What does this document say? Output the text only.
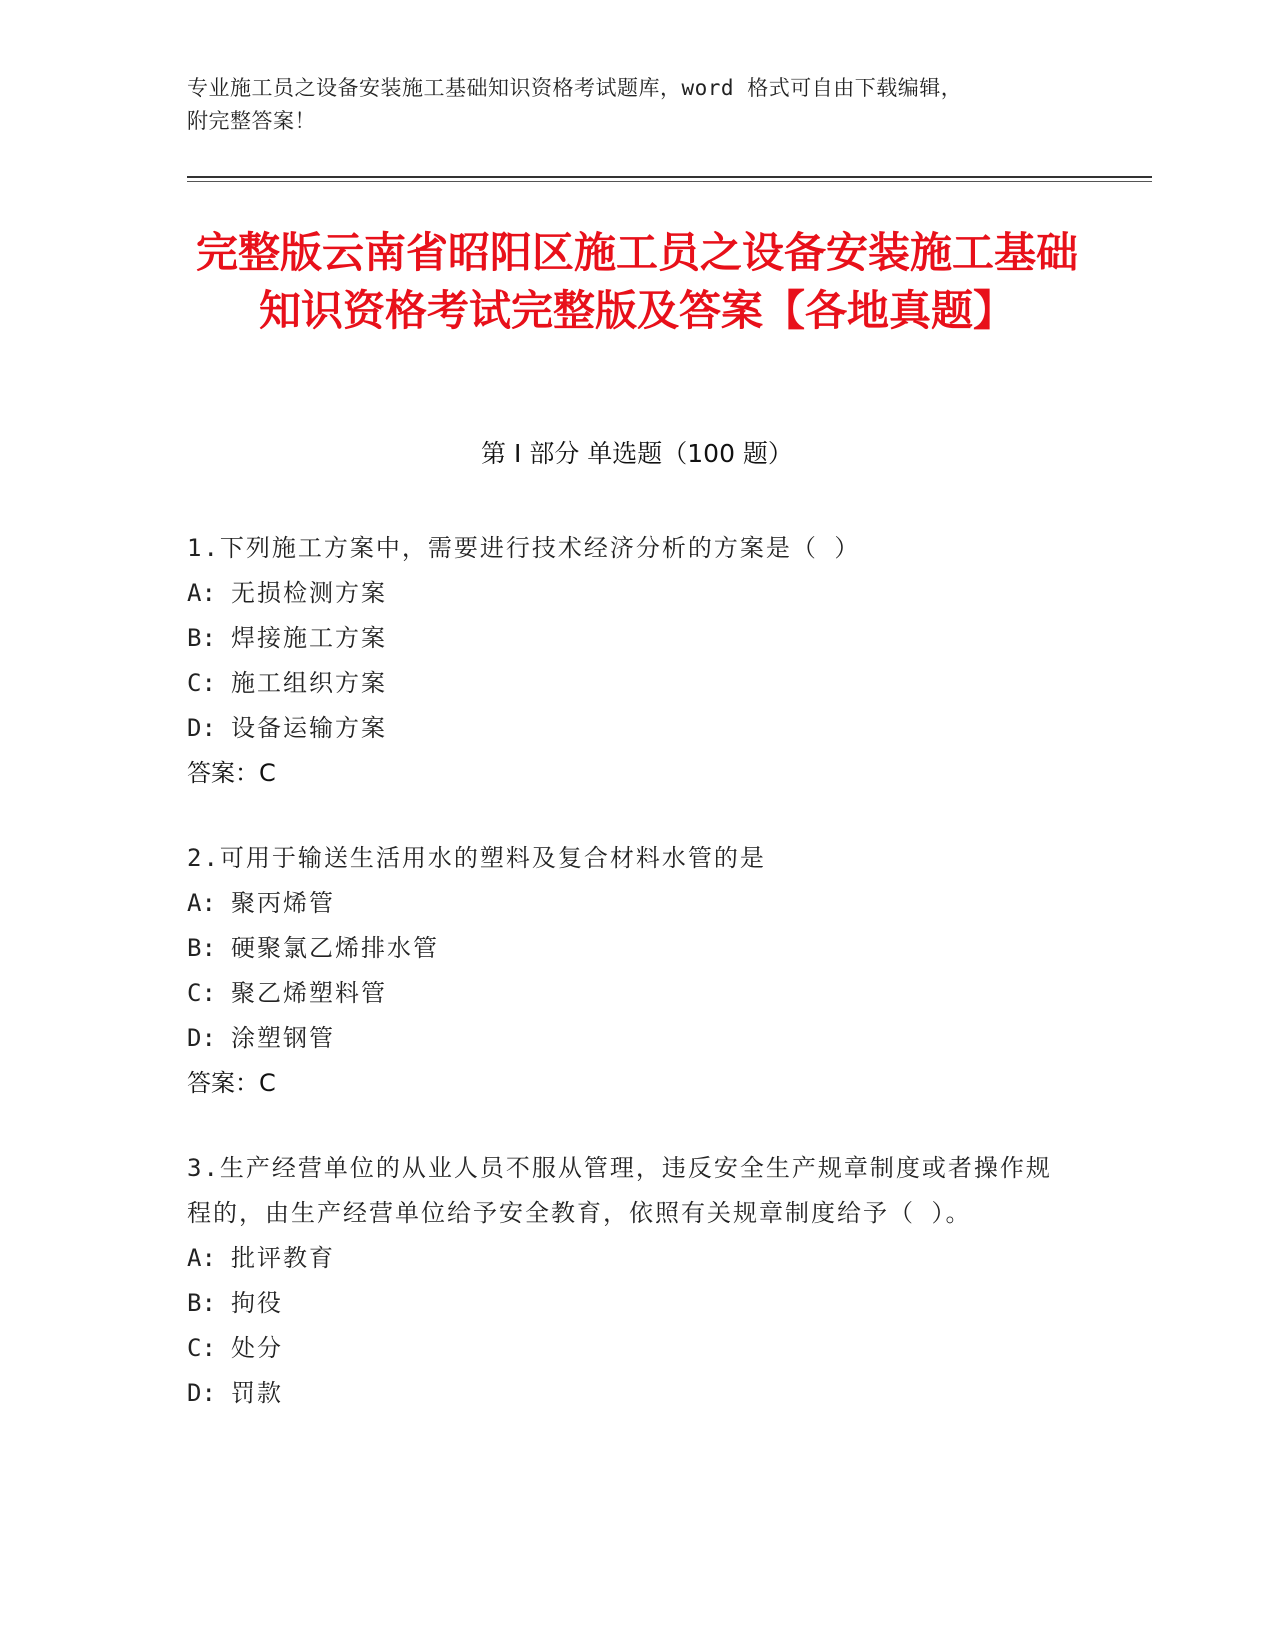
专业施工员之设备安装施工基础知识资格考试题库，word 格式可自由下载编辑，
附完整答案！
完整版云南省昭阳区施工员之设备安装施工基础知识资格考试完整版及答案【各地真题】
第 I 部分 单选题（100 题）
1.下列施工方案中，需要进行技术经济分析的方案是（ ）
A: 无损检测方案
B: 焊接施工方案
C: 施工组织方案
D: 设备运输方案
答案：C
2.可用于输送生活用水的塑料及复合材料水管的是
A: 聚丙烯管
B: 硬聚氯乙烯排水管
C: 聚乙烯塑料管
D: 涂塑钢管
答案：C
3.生产经营单位的从业人员不服从管理，违反安全生产规章制度或者操作规程的，由生产经营单位给予安全教育，依照有关规章制度给予（ ）。
A: 批评教育
B: 拘役
C: 处分
D: 罚款
